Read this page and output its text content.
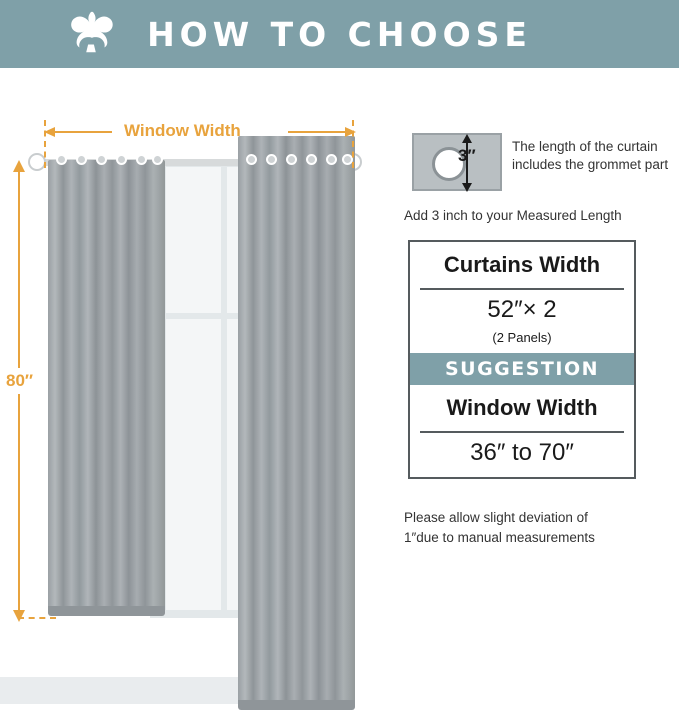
HOW TO CHOOSE
Window Width
80″
3″	The length of the curtain includes the grommet part
Add 3 inch to your Measured Length
Curtains Width
52″× 2
(2 Panels)
SUGGESTION
Window Width
36″ to 70″
Please allow slight deviation of
1″due to manual measurements
